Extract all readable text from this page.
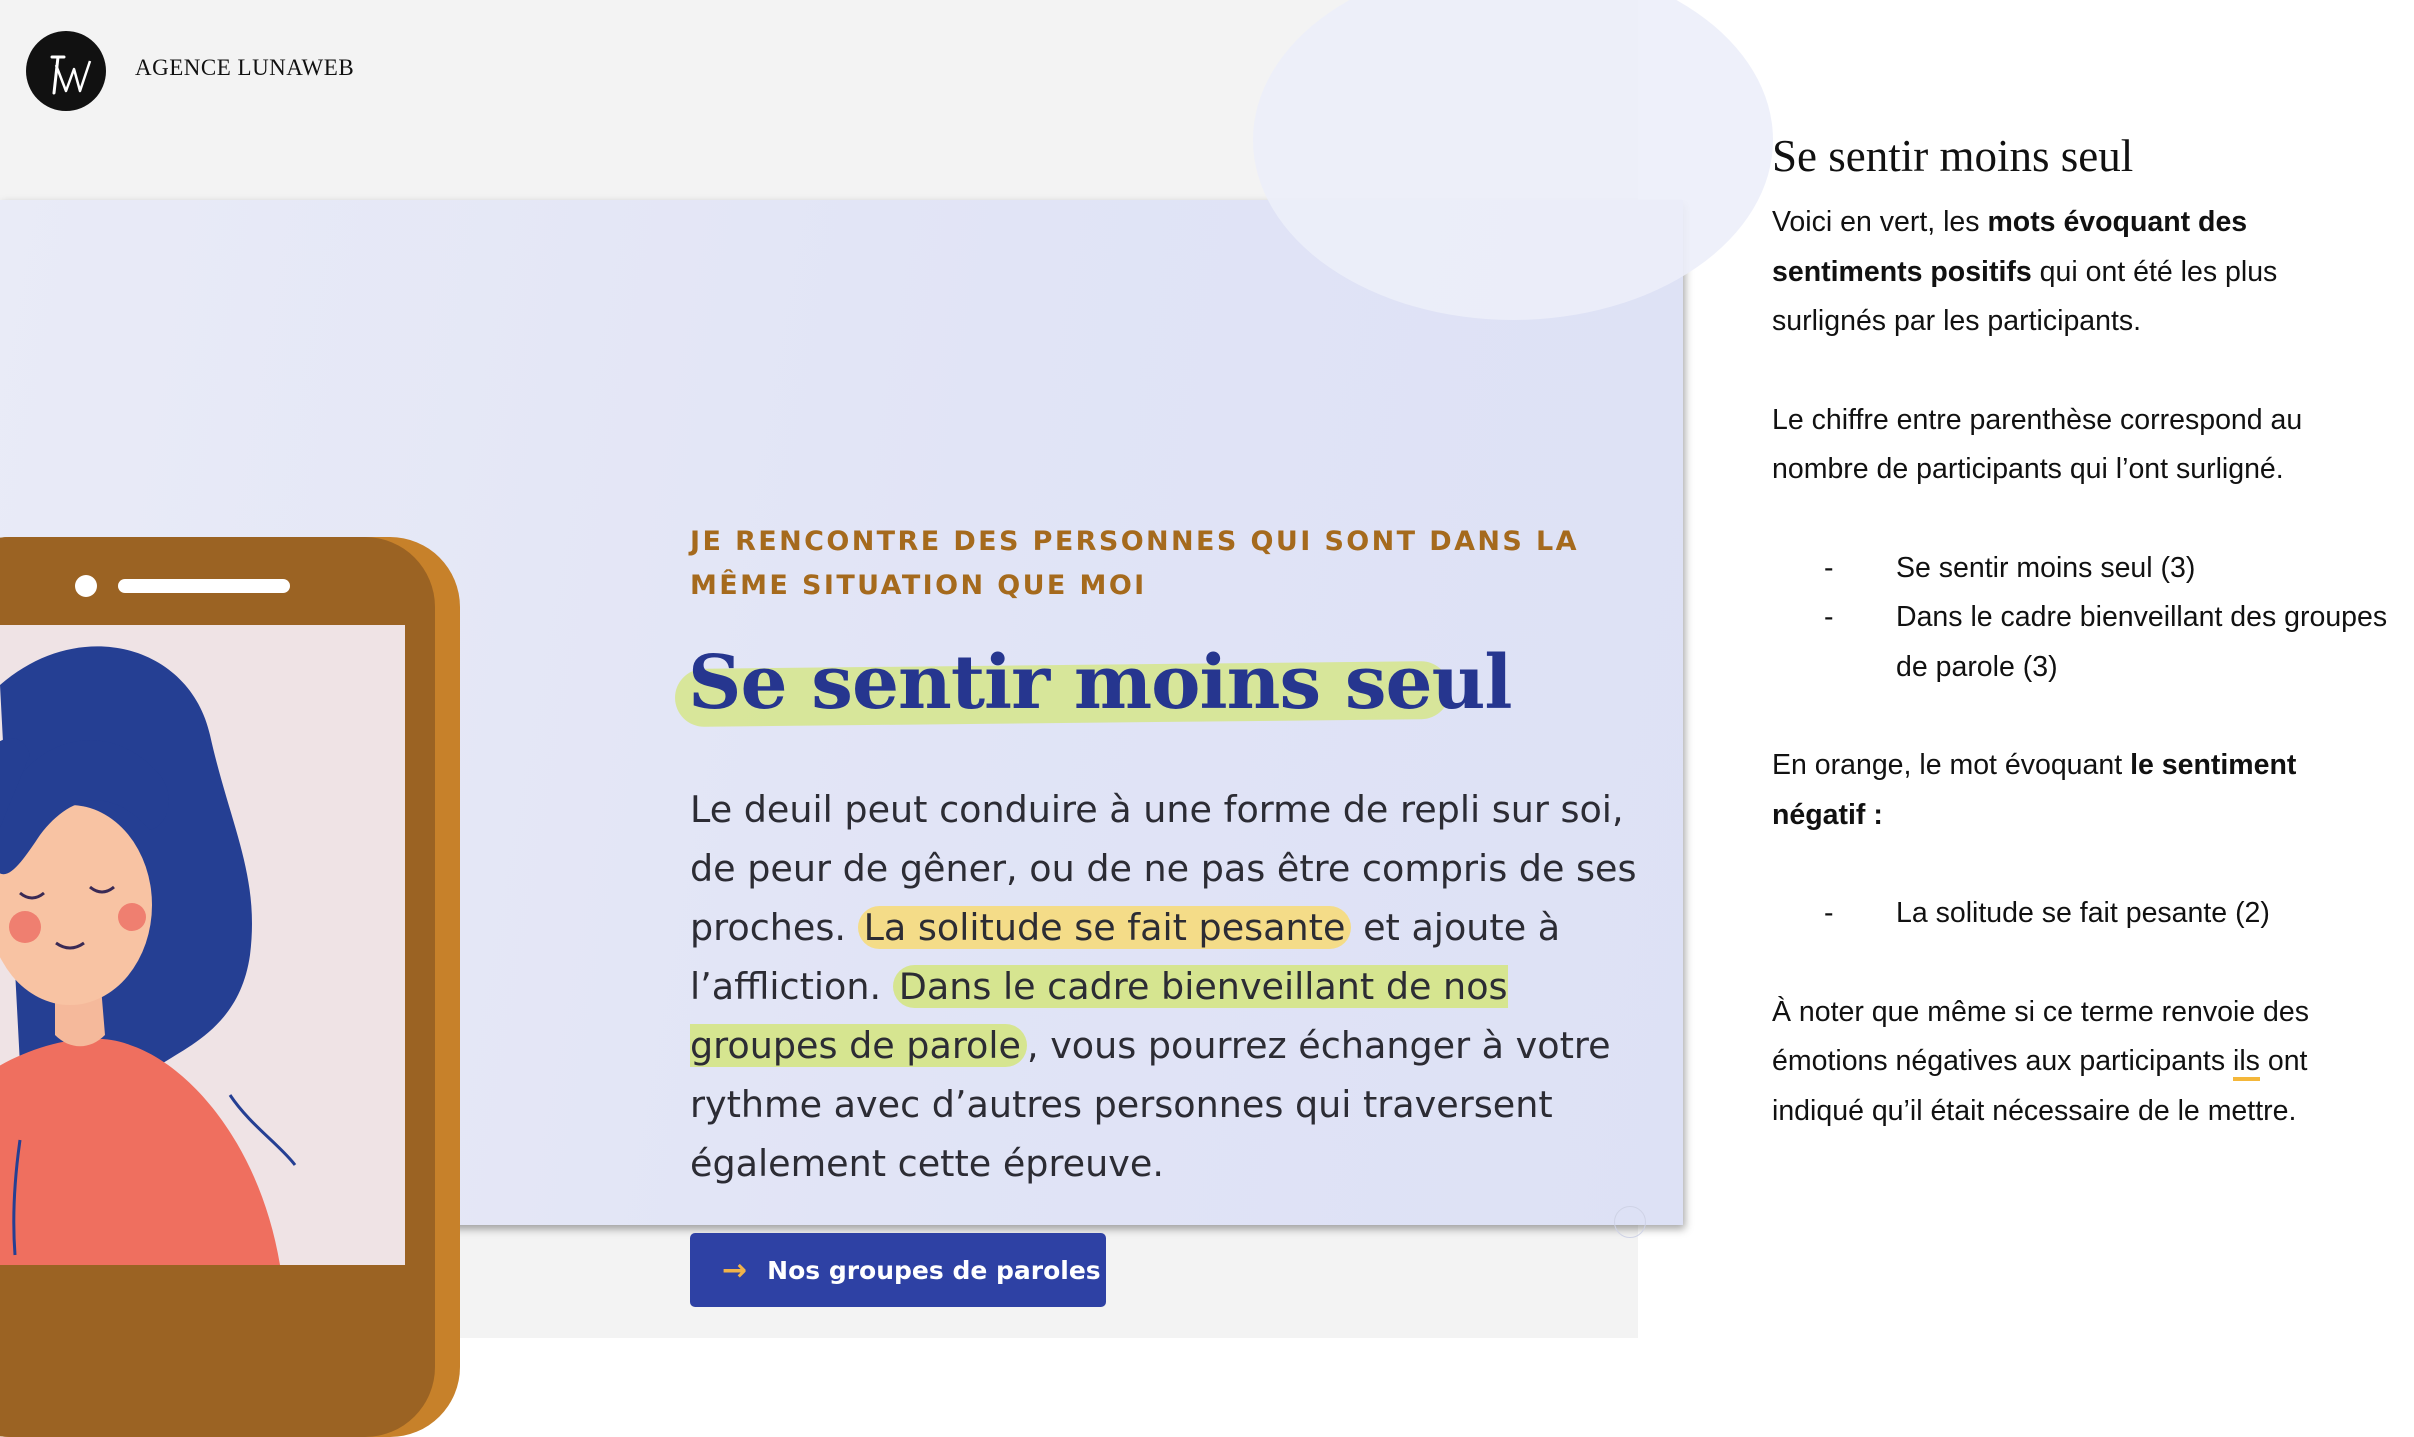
AGENCE LUNAWEB
JE RENCONTRE DES PERSONNES QUI SONT DANS LA MÊME SITUATION QUE MOI
Se sentir moins seul
Le deuil peut conduire à une forme de repli sur soi, de peur de gêner, ou de ne pas être compris de ses proches. La solitude se fait pesante et ajoute à l’affliction. Dans le cadre bienveillant de nos groupes de parole , vous pourrez échanger à votre rythme avec d’autres personnes qui traversent également cette épreuve.
→ Nos groupes de paroles
Se sentir moins seul

Voici en vert, les mots évoquant des sentiments positifs qui ont été les plus surlignés par les participants.

Le chiffre entre parenthèse correspond au nombre de participants qui l’ont surligné.

- Se sentir moins seul (3)
- Dans le cadre bienveillant des groupes de parole (3)

En orange, le mot évoquant le sentiment négatif :

- La solitude se fait pesante (2)

À noter que même si ce terme renvoie des émotions négatives aux participants ils ont indiqué qu’il était nécessaire de le mettre.
